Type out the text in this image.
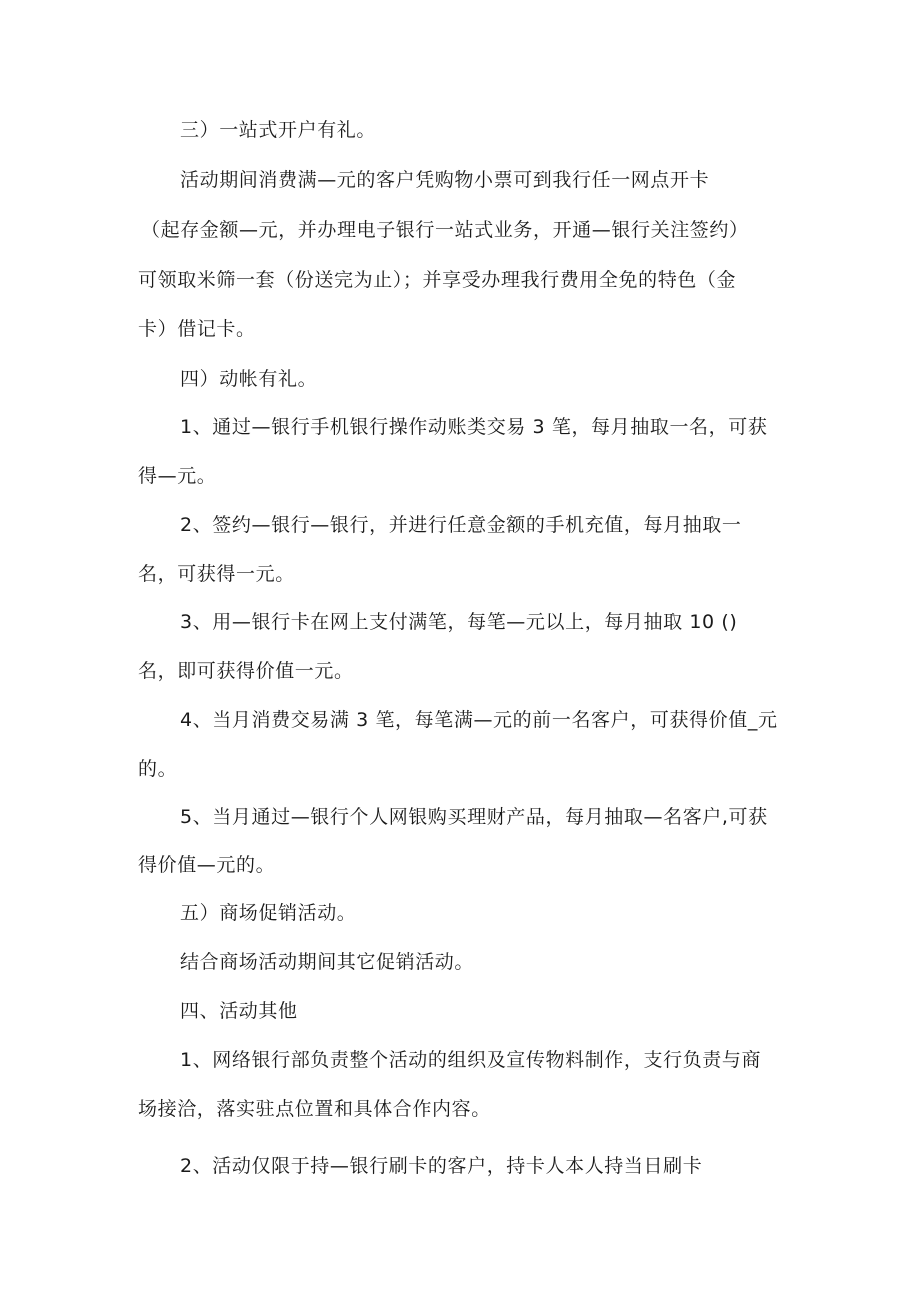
三）一站式开户有礼。
活动期间消费满—元的客户凭购物小票可到我行任一网点开卡
（起存金额—元，并办理电子银行一站式业务，开通—银行关注签约）
可领取米筛一套（份送完为止）；并享受办理我行费用全免的特色（金
卡）借记卡。
四）动帐有礼。
1、通过—银行手机银行操作动账类交易 3 笔，每月抽取一名，可获
得—元。
2、签约—银行—银行，并进行任意金额的手机充值，每月抽取一
名，可获得一元。
3、用—银行卡在网上支付满笔，每笔—元以上，每月抽取 10 ()
名，即可获得价值一元。
4、当月消费交易满 3 笔，每笔满—元的前一名客户，可获得价值_元
的。
5、当月通过—银行个人网银购买理财产品，每月抽取—名客户,可获
得价值—元的。
五）商场促销活动。
结合商场活动期间其它促销活动。
四、活动其他
1、网络银行部负责整个活动的组织及宣传物料制作，支行负责与商
场接洽，落实驻点位置和具体合作内容。
2、活动仅限于持—银行刷卡的客户，持卡人本人持当日刷卡
